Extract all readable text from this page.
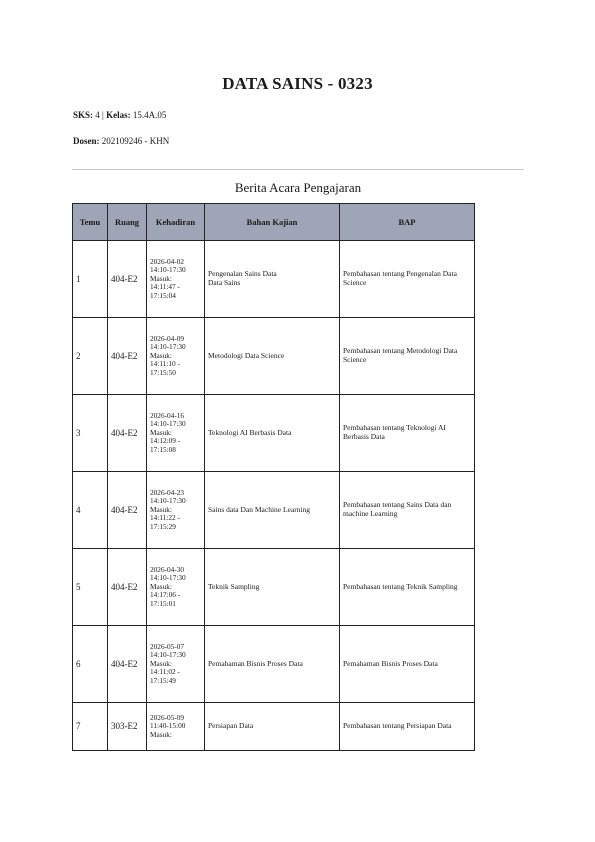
DATA SAINS - 0323
SKS: 4 | Kelas: 15.4A.05
Dosen: 202109246 - KHN
Berita Acara Pengajaran
Temu	Ruang	Kehadiran	Bahan Kajian	BAP
1	404-E2	2026-04-02
14:10-17:30
Masuk:
14:11:47 -
17:15:04	Pengenalan Sains Data
Data Sains	Pembahasan tentang Pengenalan Data Science
2	404-E2	2026-04-09
14:10-17:30
Masuk:
14:11:10 -
17:15:50	Metodologi Data Science	Pembahasan tentang Metodologi Data Science
3	404-E2	2026-04-16
14:10-17:30
Masuk:
14:12:09 -
17:15:08	Teknologi AI Berbasis Data	Pembahasan tentang Teknologi AI Berbasis Data
4	404-E2	2026-04-23
14:10-17:30
Masuk:
14:11:22 -
17:15:29	Sains data Dan Machine Learning	Pembahasan tentang Sains Data dan machine Learning
5	404-E2	2026-04-30
14:10-17:30
Masuk:
14:17:06 -
17:15:01	Teknik Sampling	Pembahasan tentang Teknik Sampling
6	404-E2	2026-05-07
14:10-17:30
Masuk:
14:11:02 -
17:15:49	Pemahaman Bisnis Proses Data	Pemahaman Bisnis Proses Data
7	303-E2	2026-05-09
11:40-15:00
Masuk:	Persiapan Data	Pembahasan tentang Persiapan Data
